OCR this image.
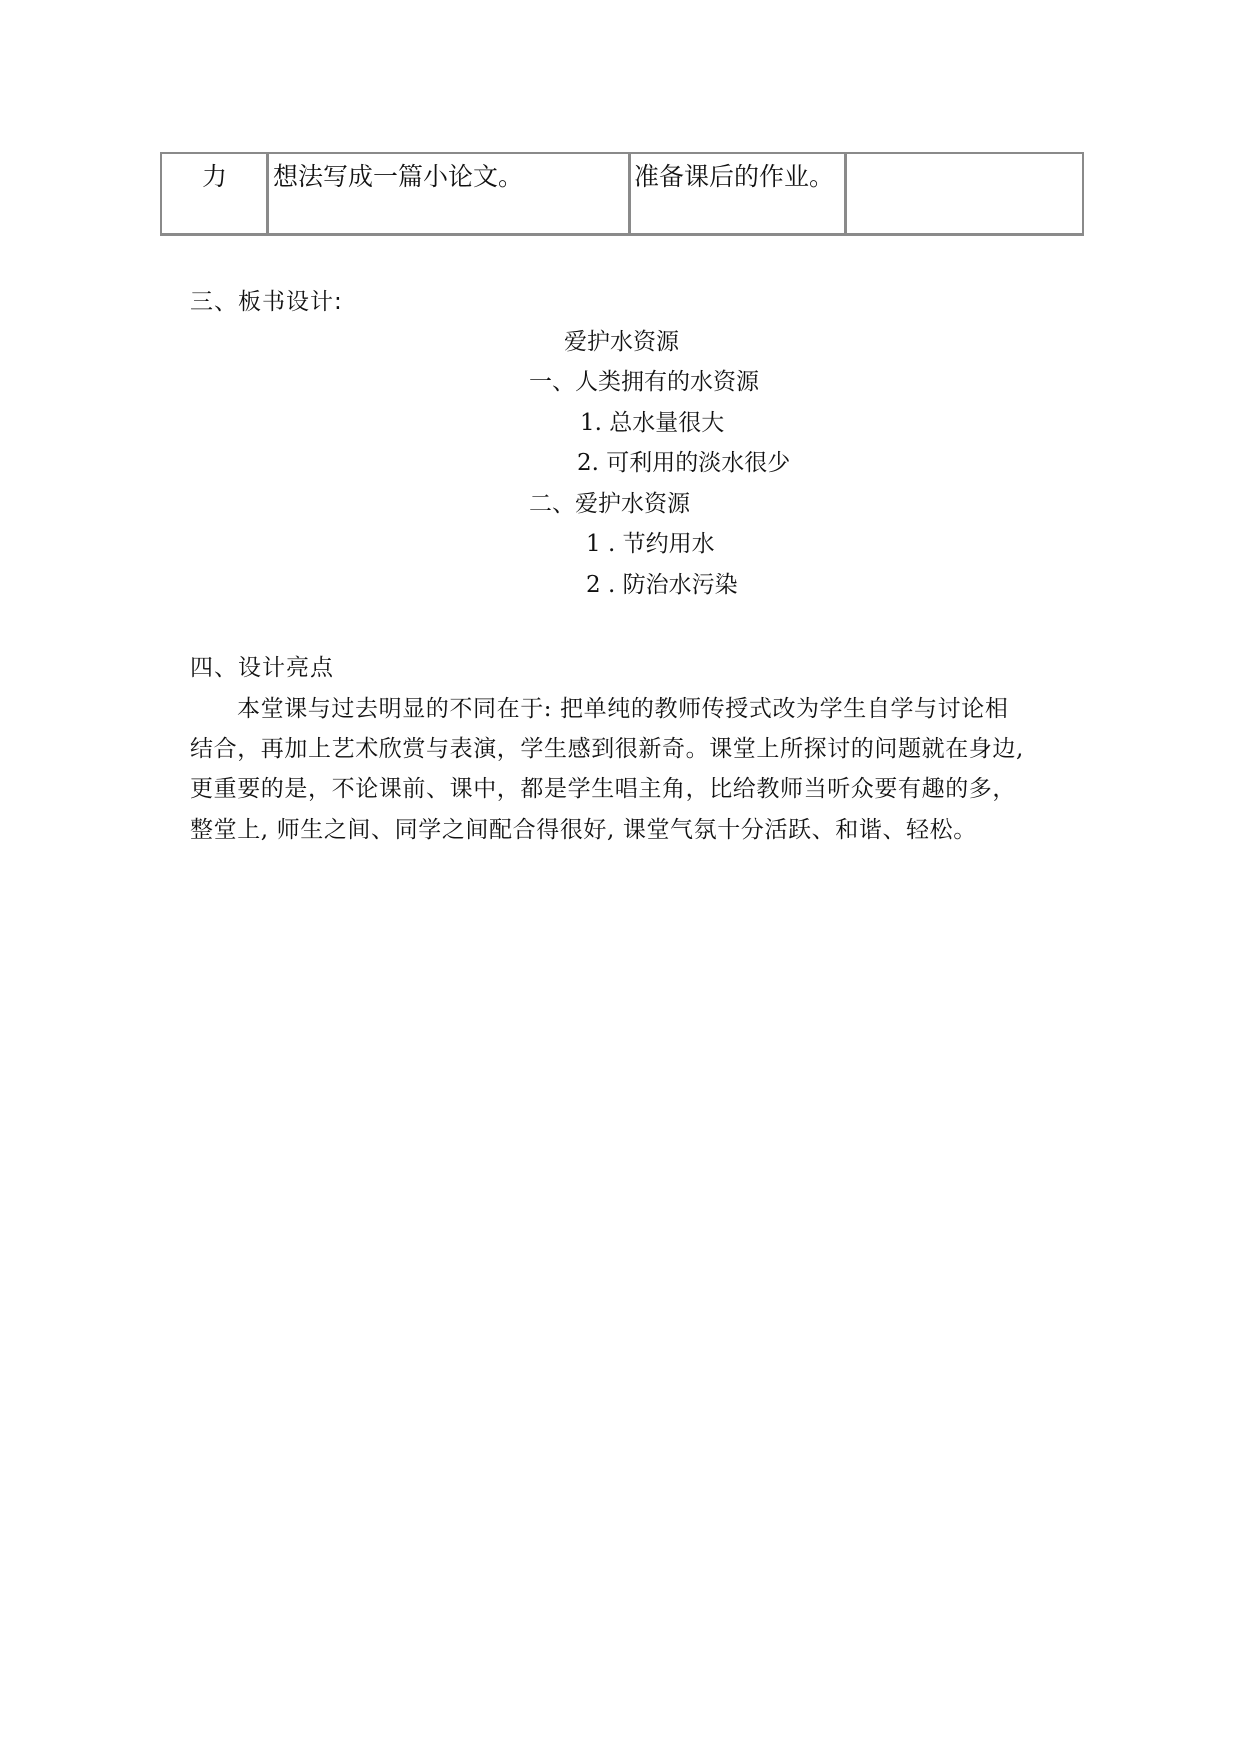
力 想法写成一篇小论文。	准备课后的作业。
三、板书设计:
爱护水资源
一、人类拥有的水资源
1. 总水量很大
2. 可利用的淡水很少
二、爱护水资源
1 . 节约用水
2 . 防治水污染
四、设计亮点
本堂课与过去明显的不同在于: 把单纯的教师传授式改为学生自学与讨论相
结合，再加上艺术欣赏与表演，学生感到很新奇。课堂上所探讨的问题就在身边,
更重要的是，不论课前、课中，都是学生唱主角，比给教师当听众要有趣的多，
整堂上, 师生之间、同学之间配合得很好, 课堂气氛十分活跃、和谐、轻松。
